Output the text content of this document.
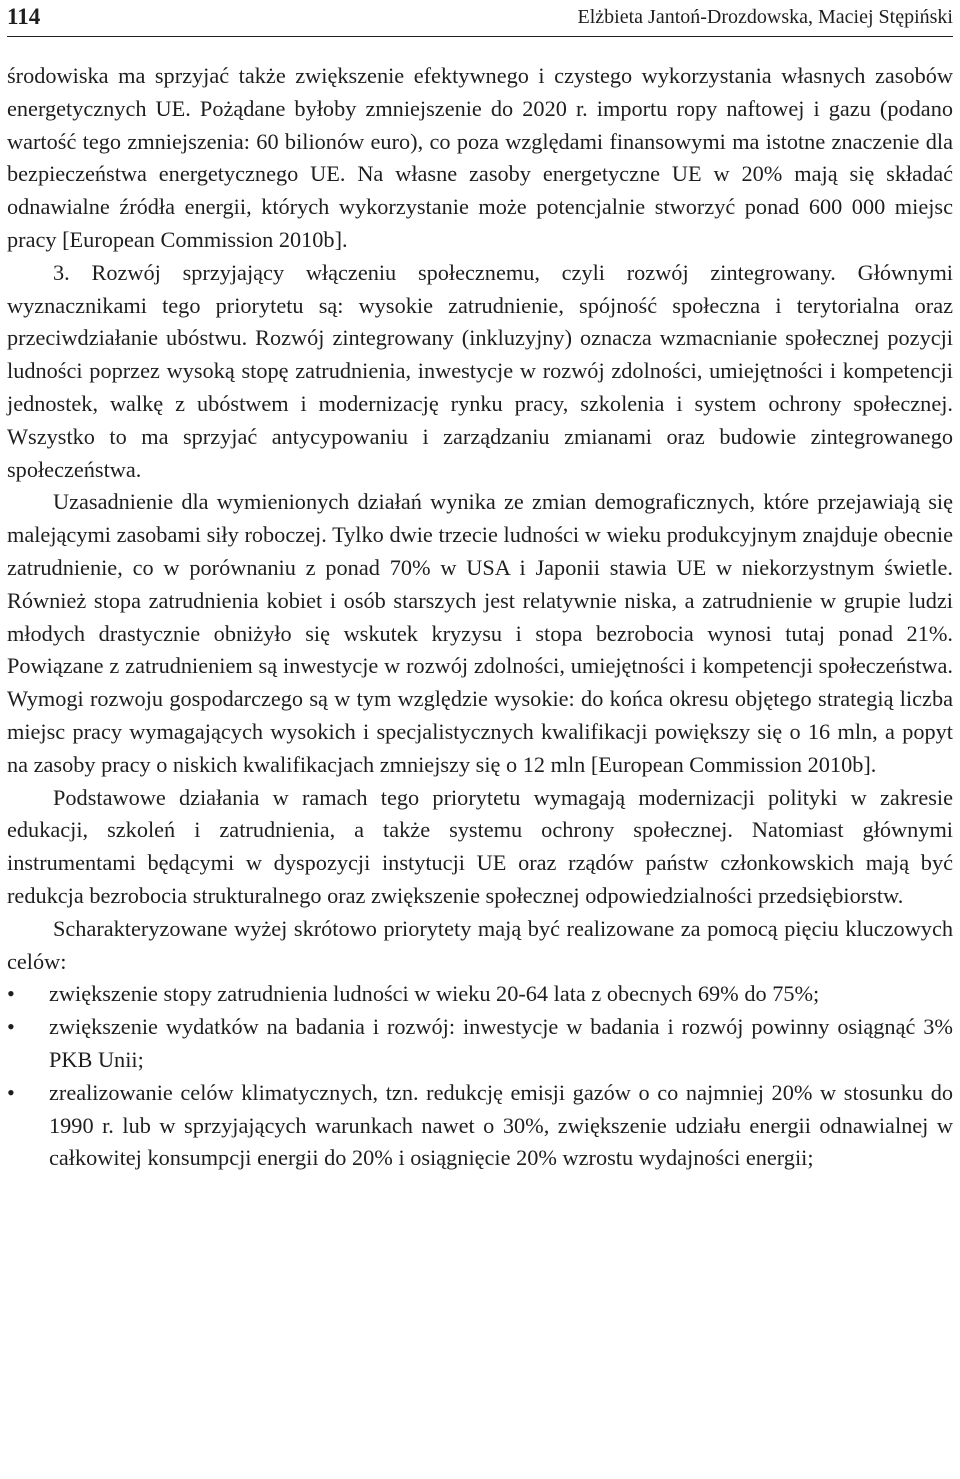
114	Elżbieta Jantoń-Drozdowska, Maciej Stępiński

środowiska ma sprzyjać także zwiększenie efektywnego i czystego wykorzystania własnych zasobów energetycznych UE. Pożądane byłoby zmniejszenie do 2020 r. importu ropy naftowej i gazu (podano wartość tego zmniejszenia: 60 bilionów euro), co poza względami finansowymi ma istotne znaczenie dla bezpieczeństwa energetycznego UE. Na własne zasoby energetyczne UE w 20% mają się składać odnawialne źródła energii, których wykorzystanie może potencjalnie stworzyć ponad 600 000 miejsc pracy [European Commission 2010b].

3. Rozwój sprzyjający włączeniu społecznemu, czyli rozwój zintegrowany. Głównymi wyznacznikami tego priorytetu są: wysokie zatrudnienie, spójność społeczna i terytorialna oraz przeciwdziałanie ubóstwu. Rozwój zintegrowany (inkluzyjny) oznacza wzmacnianie społecznej pozycji ludności poprzez wysoką stopę zatrudnienia, inwestycje w rozwój zdolności, umiejętności i kompetencji jednostek, walkę z ubóstwem i modernizację rynku pracy, szkolenia i system ochrony społecznej. Wszystko to ma sprzyjać antycypowaniu i zarządzaniu zmianami oraz budowie zintegrowanego społeczeństwa.

Uzasadnienie dla wymienionych działań wynika ze zmian demograficznych, które przejawiają się malejącymi zasobami siły roboczej. Tylko dwie trzecie ludności w wieku produkcyjnym znajduje obecnie zatrudnienie, co w porównaniu z ponad 70% w USA i Japonii stawia UE w niekorzystnym świetle. Również stopa zatrudnienia kobiet i osób starszych jest relatywnie niska, a zatrudnienie w grupie ludzi młodych drastycznie obniżyło się wskutek kryzysu i stopa bezrobocia wynosi tutaj ponad 21%. Powiązane z zatrudnieniem są inwestycje w rozwój zdolności, umiejętności i kompetencji społeczeństwa. Wymogi rozwoju gospodarczego są w tym względzie wysokie: do końca okresu objętego strategią liczba miejsc pracy wymagających wysokich i specjalistycznych kwalifikacji powiększy się o 16 mln, a popyt na zasoby pracy o niskich kwalifikacjach zmniejszy się o 12 mln [European Commission 2010b].

Podstawowe działania w ramach tego priorytetu wymagają modernizacji polityki w zakresie edukacji, szkoleń i zatrudnienia, a także systemu ochrony społecznej. Natomiast głównymi instrumentami będącymi w dyspozycji instytucji UE oraz rządów państw członkowskich mają być redukcja bezrobocia strukturalnego oraz zwiększenie społecznej odpowiedzialności przedsiębiorstw.

Scharakteryzowane wyżej skrótowo priorytety mają być realizowane za pomocą pięciu kluczowych celów:

• zwiększenie stopy zatrudnienia ludności w wieku 20-64 lata z obecnych 69% do 75%;
• zwiększenie wydatków na badania i rozwój: inwestycje w badania i rozwój powinny osiągnąć 3% PKB Unii;
• zrealizowanie celów klimatycznych, tzn. redukcję emisji gazów o co najmniej 20% w stosunku do 1990 r. lub w sprzyjających warunkach nawet o 30%, zwiększenie udziału energii odnawialnej w całkowitej konsumpcji energii do 20% i osiągnięcie 20% wzrostu wydajności energii;
